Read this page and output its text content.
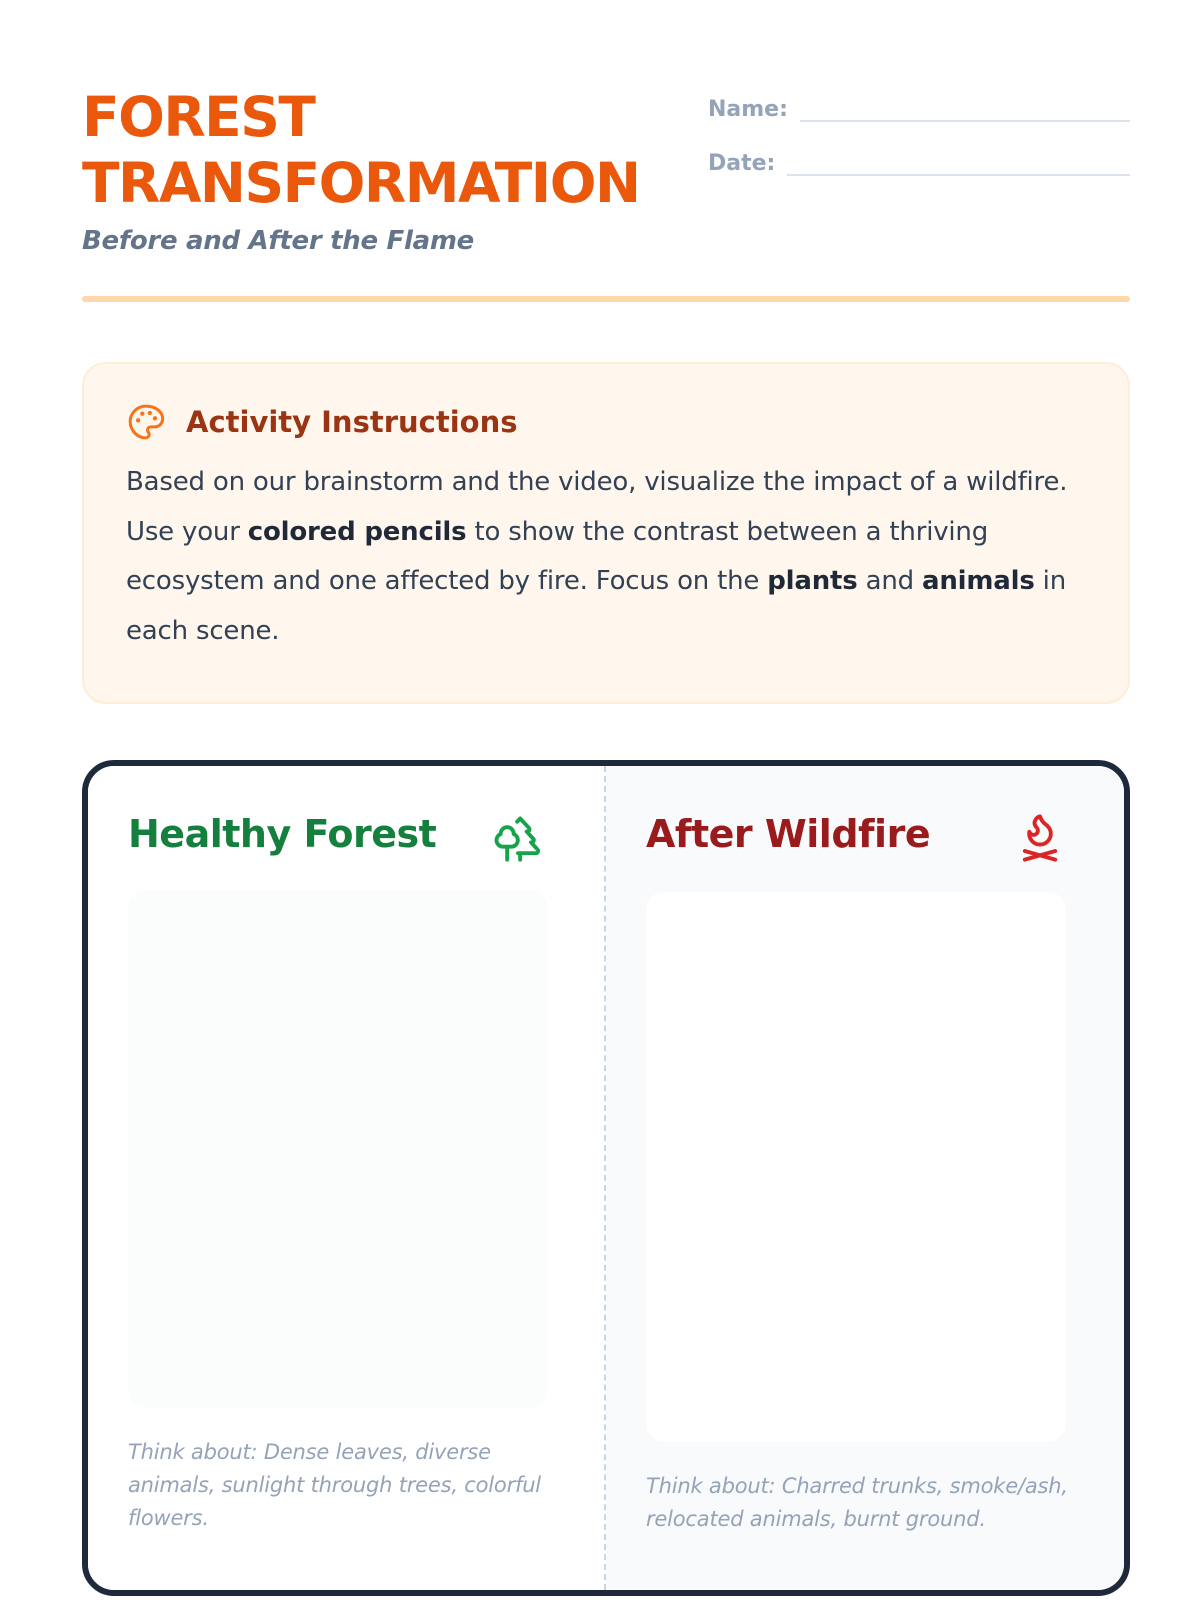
FOREST
TRANSFORMATION
Before and After the Flame
Name:
Date:
Activity Instructions
Based on our brainstorm and the video, visualize the impact of a wildfire. Use your colored pencils to show the contrast between a thriving ecosystem and one affected by fire. Focus on the plants and animals in each scene.
Healthy Forest
Think about: Dense leaves, diverse animals, sunlight through trees, colorful flowers.
After Wildfire
Think about: Charred trunks, smoke/ash, relocated animals, burnt ground.
